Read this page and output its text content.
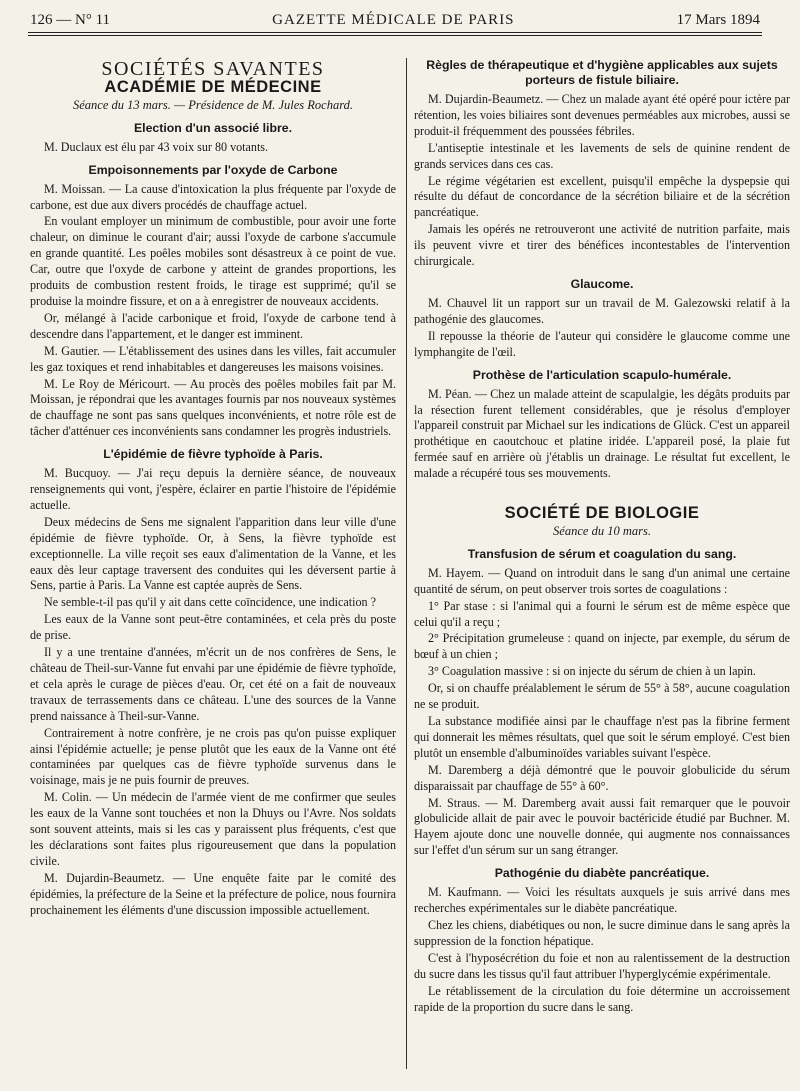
126 — N° 11	GAZETTE MÉDICALE DE PARIS	17 Mars 1894
SOCIÉTÉS SAVANTES
ACADÉMIE DE MÉDECINE
Séance du 13 mars. — Présidence de M. Jules Rochard.
Election d'un associé libre.

M. Duclaux est élu par 43 voix sur 80 votants.

Empoisonnements par l'oxyde de Carbone

M. Moissan. — La cause d'intoxication la plus fréquente par l'oxyde de carbone, est due aux divers procédés de chauffage actuel.

En voulant employer un minimum de combustible, pour avoir une forte chaleur, on diminue le courant d'air; aussi l'oxyde de carbone s'accumule en grande quantité. Les poêles mobiles sont désastreux à ce point de vue. Car, outre que l'oxyde de carbone y atteint de grandes proportions, les produits de combustion restent froids, le tirage est supprimé; qu'il se produise la moindre fissure, et on a à enregistrer de nouveaux accidents.

Or, mélangé à l'acide carbonique et froid, l'oxyde de carbone tend à descendre dans l'appartement, et le danger est imminent.

M. Gautier. — L'établissement des usines dans les villes, fait accumuler les gaz toxiques et rend inhabitables et dangereuses les maisons voisines.

M. Le Roy de Méricourt. — Au procès des poêles mobiles fait par M. Moissan, je répondrai que les avantages fournis par nos nouveaux systèmes de chauffage ne sont pas sans quelques inconvénients, et notre rôle est de tâcher d'atténuer ces inconvénients sans condamner les progrès industriels.

L'épidémie de fièvre typhoïde à Paris.

M. Bucquoy. — J'ai reçu depuis la dernière séance, de nouveaux renseignements qui vont, j'espère, éclairer en partie l'histoire de l'épidémie actuelle.

Deux médecins de Sens me signalent l'apparition dans leur ville d'une épidémie de fièvre typhoïde. Or, à Sens, la fièvre typhoïde est exceptionnelle. La ville reçoit ses eaux d'alimentation de la Vanne, et les eaux dès leur captage traversent des conduites qui les déversent partie à Sens, partie à Paris. La Vanne est captée auprès de Sens.

Ne semble-t-il pas qu'il y ait dans cette coïncidence, une indication ?

Les eaux de la Vanne sont peut-être contaminées, et cela près du poste de prise.

Il y a une trentaine d'années, m'écrit un de nos confrères de Sens, le château de Theil-sur-Vanne fut envahi par une épidémie de fièvre typhoïde, et cela après le curage de pièces d'eau. Or, cet été on a fait de nouveaux travaux de terrassements dans ce château. L'une des sources de la Vanne prend naissance à Theil-sur-Vanne.

Contrairement à notre confrère, je ne crois pas qu'on puisse expliquer ainsi l'épidémie actuelle; je pense plutôt que les eaux de la Vanne ont été contaminées par quelques cas de fièvre typhoïde survenus dans le voisinage, mais je ne puis fournir de preuves.

M. Colin. — Un médecin de l'armée vient de me confirmer que seules les eaux de la Vanne sont touchées et non la Dhuys ou l'Avre. Nos soldats sont souvent atteints, mais si les cas y paraissent plus fréquents, c'est que les déclarations sont faites plus rigoureusement que dans la population civile.

M. Dujardin-Beaumetz. — Une enquête faite par le comité des épidémies, la préfecture de la Seine et la préfecture de police, nous fournira prochainement les éléments d'une discussion impossible actuellement.

Règles de thérapeutique et d'hygiène applicables aux sujets porteurs de fistule biliaire.

M. Dujardin-Beaumetz. — Chez un malade ayant été opéré pour ictère par rétention, les voies biliaires sont devenues perméables aux microbes, aussi se produit-il fréquemment des poussées fébriles.

L'antiseptie intestinale et les lavements de sels de quinine rendent de grands services dans ces cas.

Le régime végétarien est excellent, puisqu'il empêche la dyspepsie qui résulte du défaut de concordance de la sécrétion biliaire et de la sécrétion pancréatique.

Jamais les opérés ne retrouveront une activité de nutrition parfaite, mais ils peuvent vivre et tirer des bénéfices incontestables de l'intervention chirurgicale.

Glaucome.

M. Chauvel lit un rapport sur un travail de M. Galezowski relatif à la pathogénie des glaucomes.

Il repousse la théorie de l'auteur qui considère le glaucome comme une lymphangite de l'œil.

Prothèse de l'articulation scapulo-humérale.

M. Péan. — Chez un malade atteint de scapulalgie, les dégâts produits par la résection furent tellement considérables, que je résolus d'employer l'appareil construit par Michael sur les indications de Glück. C'est un appareil prothétique en caoutchouc et platine iridée. L'appareil posé, la plaie fut fermée sauf en arrière où j'établis un drainage. Le résultat fut excellent, le malade a récupéré tous ses mouvements.

SOCIÉTÉ DE BIOLOGIE
Séance du 10 mars.
Transfusion de sérum et coagulation du sang.

M. Hayem. — Quand on introduit dans le sang d'un animal une certaine quantité de sérum, on peut observer trois sortes de coagulations :

1° Par stase : si l'animal qui a fourni le sérum est de même espèce que celui qu'il a reçu ;

2° Précipitation grumeleuse : quand on injecte, par exemple, du sérum de bœuf à un chien ;

3° Coagulation massive : si on injecte du sérum de chien à un lapin.

Or, si on chauffe préalablement le sérum de 55° à 58°, aucune coagulation ne se produit.

La substance modifiée ainsi par le chauffage n'est pas la fibrine ferment qui donnerait les mêmes résultats, quel que soit le sérum employé. C'est bien plutôt un ensemble d'albuminoïdes variables suivant l'espèce.

M. Daremberg a déjà démontré que le pouvoir globulicide du sérum disparaissait par chauffage de 55° à 60°.

M. Straus. — M. Daremberg avait aussi fait remarquer que le pouvoir globulicide allait de pair avec le pouvoir bactéricide étudié par Buchner. M. Hayem ajoute donc une nouvelle donnée, qui augmente nos connaissances sur l'effet d'un sérum sur un sang étranger.

Pathogénie du diabète pancréatique.

M. Kaufmann. — Voici les résultats auxquels je suis arrivé dans mes recherches expérimentales sur le diabète pancréatique.

Chez les chiens, diabétiques ou non, le sucre diminue dans le sang après la suppression de la fonction hépatique.

C'est à l'hyposécrétion du foie et non au ralentissement de la destruction du sucre dans les tissus qu'il faut attribuer l'hyperglycémie expérimentale.

Le rétablissement de la circulation du foie détermine un accroissement rapide de la proportion du sucre dans le sang.
